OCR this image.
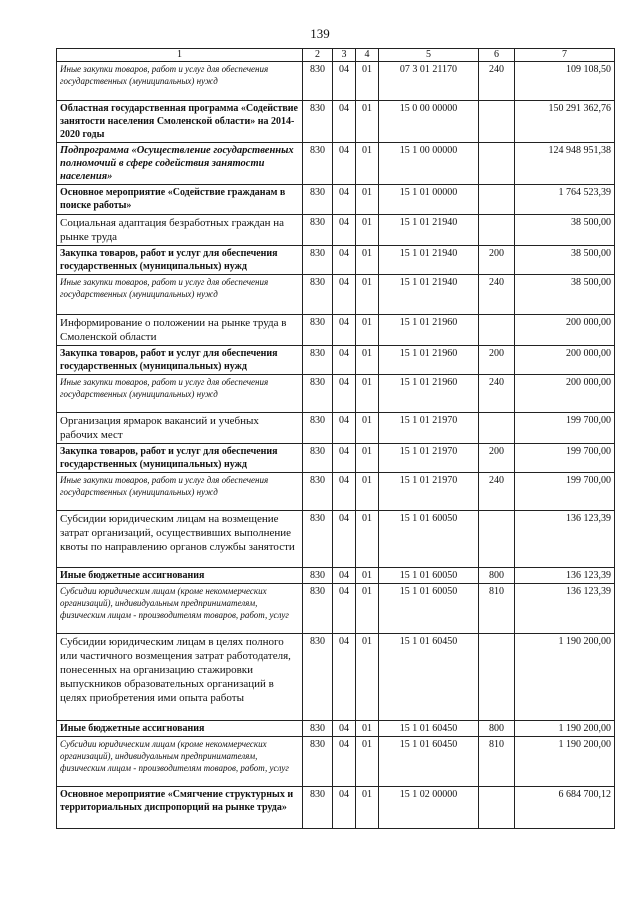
139
1	2	3	4	5	6	7
Иные закупки товаров, работ и услуг для обеспечения государственных (муниципальных) нужд	830	04	01	07 3 01 21170	240	109 108,50
Областная государственная программа «Содействие занятости населения Смоленской области» на 2014-2020 годы	830	04	01	15 0 00 00000		150 291 362,76
Подпрограмма «Осуществление государственных полномочий в сфере содействия занятости населения»	830	04	01	15 1 00 00000		124 948 951,38
Основное мероприятие «Содействие гражданам в поиске работы»	830	04	01	15 1 01 00000		1 764 523,39
Социальная адаптация безработных граждан на рынке труда	830	04	01	15 1 01 21940		38 500,00
Закупка товаров, работ и услуг для обеспечения государственных (муниципальных) нужд	830	04	01	15 1 01 21940	200	38 500,00
Иные закупки товаров, работ и услуг для обеспечения государственных (муниципальных) нужд	830	04	01	15 1 01 21940	240	38 500,00
Информирование о положении на рынке труда в Смоленской области	830	04	01	15 1 01 21960		200 000,00
Закупка товаров, работ и услуг для обеспечения государственных (муниципальных) нужд	830	04	01	15 1 01 21960	200	200 000,00
Иные закупки товаров, работ и услуг для обеспечения государственных (муниципальных) нужд	830	04	01	15 1 01 21960	240	200 000,00
Организация ярмарок вакансий и учебных рабочих мест	830	04	01	15 1 01 21970		199 700,00
Закупка товаров, работ и услуг для обеспечения государственных (муниципальных) нужд	830	04	01	15 1 01 21970	200	199 700,00
Иные закупки товаров, работ и услуг для обеспечения государственных (муниципальных) нужд	830	04	01	15 1 01 21970	240	199 700,00
Субсидии юридическим лицам на возмещение затрат организаций, осуществивших выполнение квоты по направлению органов службы занятости	830	04	01	15 1 01 60050		136 123,39
Иные бюджетные ассигнования	830	04	01	15 1 01 60050	800	136 123,39
Субсидии юридическим лицам (кроме некоммерческих организаций), индивидуальным предпринимателям, физическим лицам - производителям товаров, работ, услуг	830	04	01	15 1 01 60050	810	136 123,39
Субсидии юридическим лицам в целях полного или частичного возмещения затрат работодателя, понесенных на организацию стажировки выпускников образовательных организаций в целях приобретения ими опыта работы	830	04	01	15 1 01 60450		1 190 200,00
Иные бюджетные ассигнования	830	04	01	15 1 01 60450	800	1 190 200,00
Субсидии юридическим лицам (кроме некоммерческих организаций), индивидуальным предпринимателям, физическим лицам - производителям товаров, работ, услуг	830	04	01	15 1 01 60450	810	1 190 200,00
Основное мероприятие «Смягчение структурных и территориальных диспропорций на рынке труда»	830	04	01	15 1 02 00000		6 684 700,12
